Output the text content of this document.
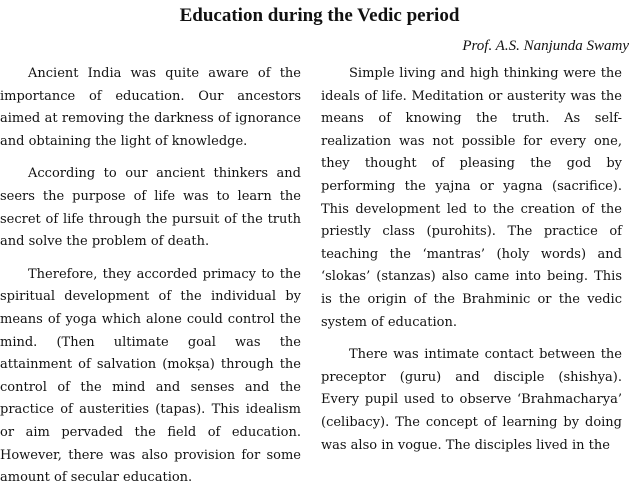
Education during the Vedic period
Prof. A.S. Nanjunda Swamy

Ancient India was quite aware of the importance of education. Our ancestors aimed at removing the darkness of ignorance and obtaining the light of knowledge.

According to our ancient thinkers and seers the purpose of life was to learn the secret of life through the pursuit of the truth and solve the problem of death.

Therefore, they accorded primacy to the spiritual development of the individual by means of yoga which alone could control the mind. (Then ultimate goal was the attainment of salvation (mokṣa) through the control of the mind and senses and the practice of austerities (tapas). This idealism or aim pervaded the field of education. However, there was also provision for some amount of secular education.

Simple living and high thinking were the ideals of life. Meditation or austerity was the means of knowing the truth. As self-realization was not possible for every one, they thought of pleasing the god by performing the yajna or yagna (sacrifice). This development led to the creation of the priestly class (purohits). The practice of teaching the ‘mantras’ (holy words) and ‘slokas’ (stanzas) also came into being. This is the origin of the Brahminic or the vedic system of education.

There was intimate contact between the preceptor (guru) and disciple (shishya). Every pupil used to observe ‘Brahmacharya’ (celibacy). The concept of learning by doing was also in vogue. The disciples lived in the
